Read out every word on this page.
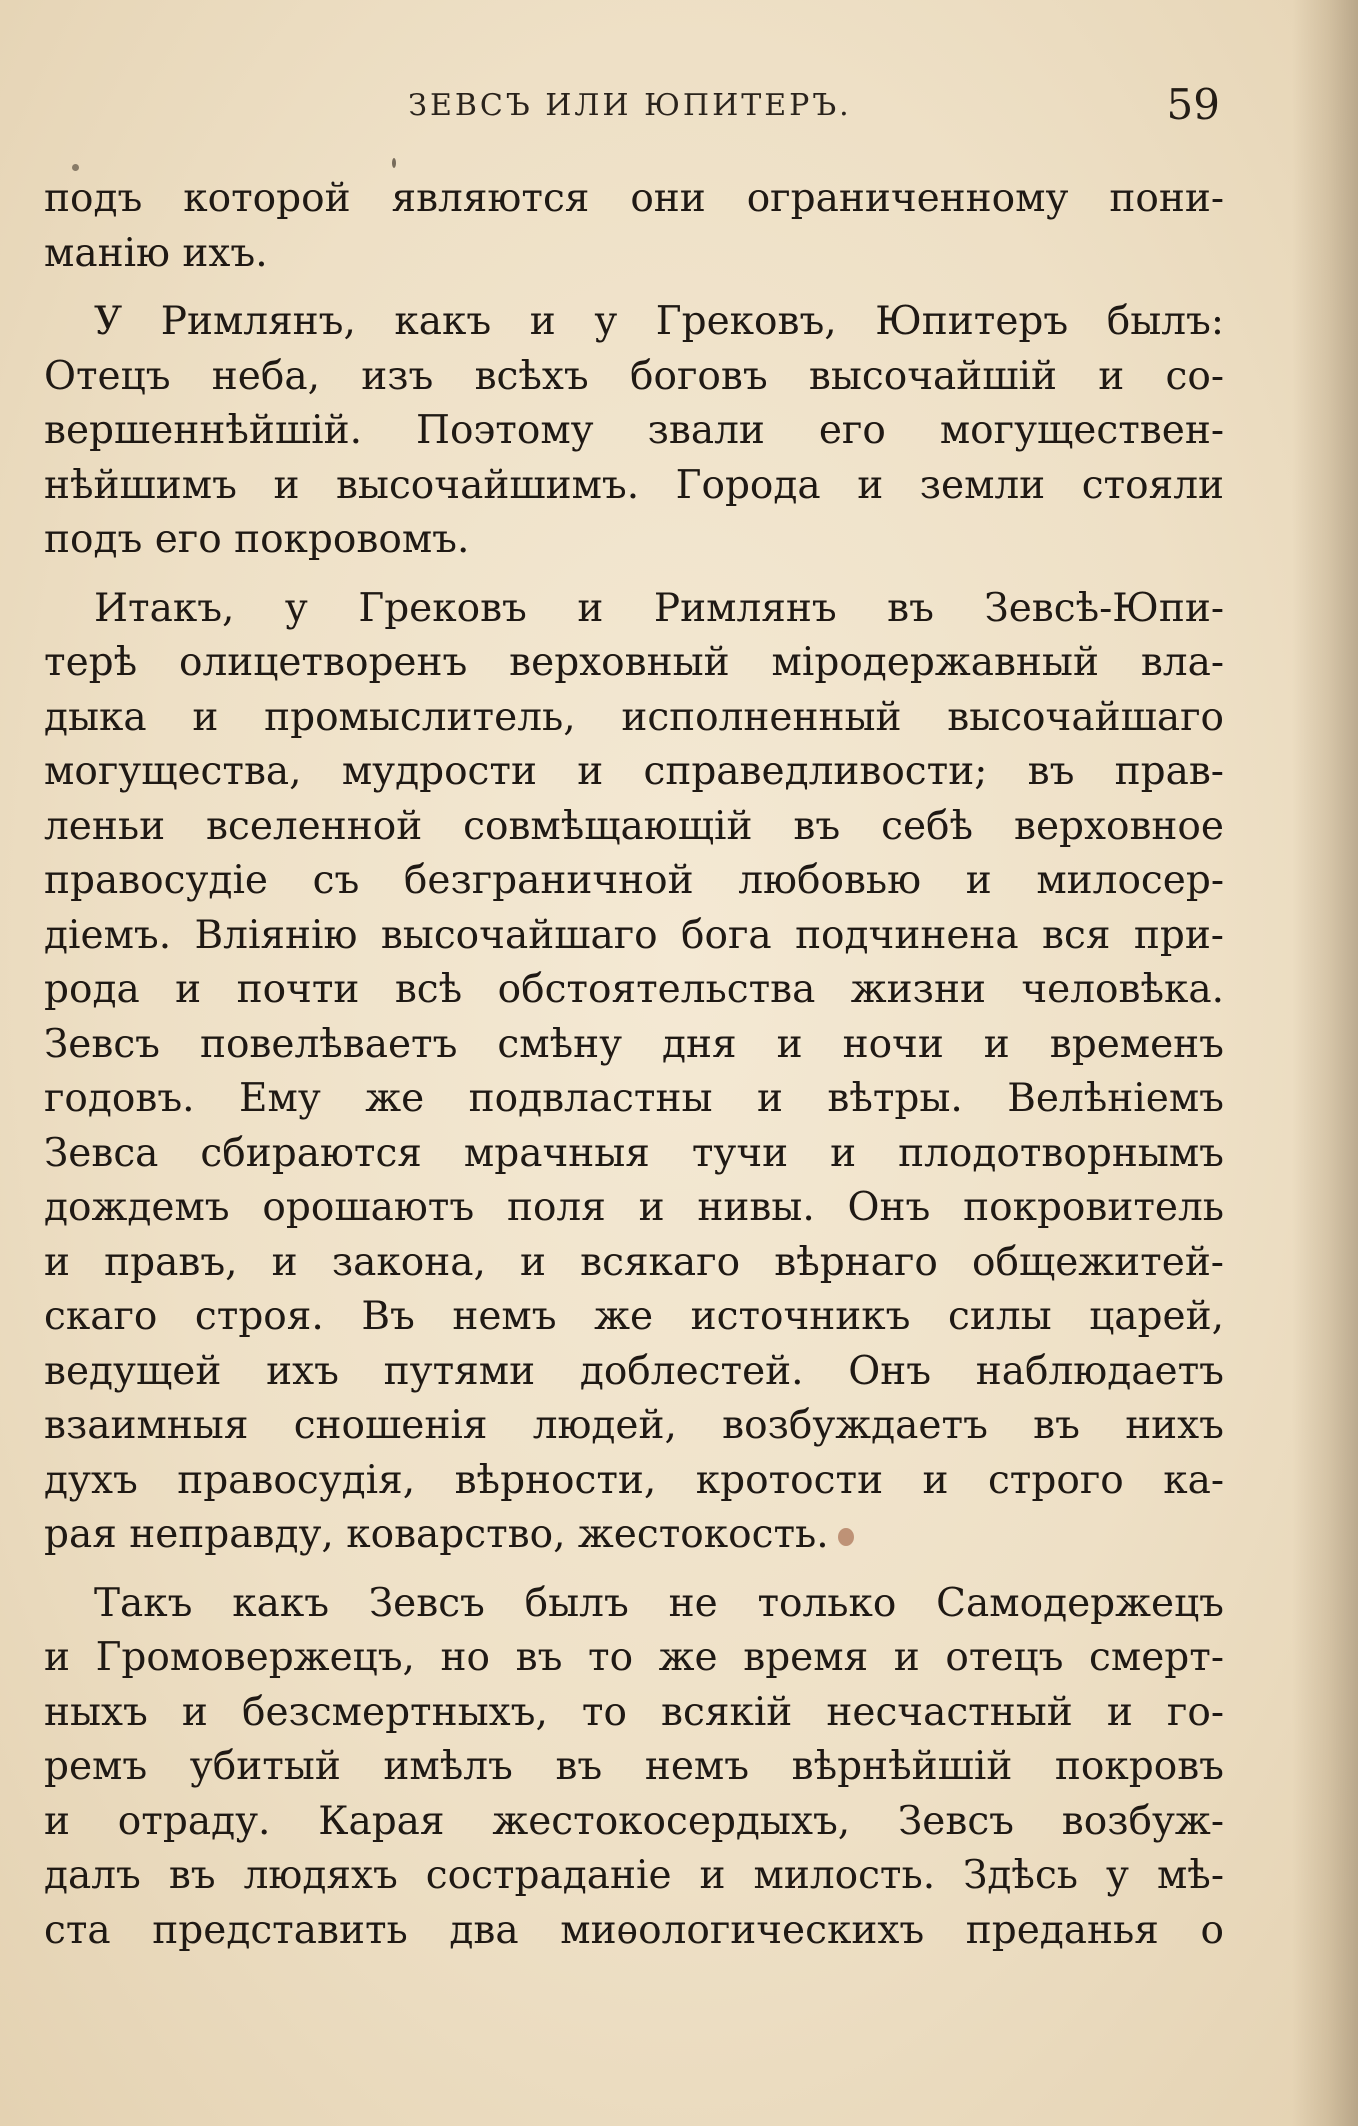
ЗЕВСЪ ИЛИ ЮПИТЕРЪ.	59
подъ которой являются они ограниченному пони-
манію ихъ.
У Римлянъ, какъ и у Грековъ, Юпитеръ былъ:
Отецъ неба, изъ всѣхъ боговъ высочайшій и со-
вершеннѣйшій. Поэтому звали его могуществен-
нѣйшимъ и высочайшимъ. Города и земли стояли
подъ его покровомъ.
Итакъ, у Грековъ и Римлянъ въ Зевсѣ-Юпи-
терѣ олицетворенъ верховный міродержавный вла-
дыка и промыслитель, исполненный высочайшаго
могущества, мудрости и справедливости; въ прав-
леньи вселенной совмѣщающій въ себѣ верховное
правосудіе съ безграничной любовью и милосер-
діемъ. Вліянію высочайшаго бога подчинена вся при-
рода и почти всѣ обстоятельства жизни человѣка.
Зевсъ повелѣваетъ смѣну дня и ночи и временъ
годовъ. Ему же подвластны и вѣтры. Велѣніемъ
Зевса сбираются мрачныя тучи и плодотворнымъ
дождемъ орошаютъ поля и нивы. Онъ покровитель
и правъ, и закона, и всякаго вѣрнаго общежитей-
скаго строя. Въ немъ же источникъ силы царей,
ведущей ихъ путями доблестей. Онъ наблюдаетъ
взаимныя сношенія людей, возбуждаетъ въ нихъ
духъ правосудія, вѣрности, кротости и строго ка-
рая неправду, коварство, жестокость.
Такъ какъ Зевсъ былъ не только Самодержецъ
и Громовержецъ, но въ то же время и отецъ смерт-
ныхъ и безсмертныхъ, то всякій несчастный и го-
ремъ убитый имѣлъ въ немъ вѣрнѣйшій покровъ
и отраду. Карая жестокосердыхъ, Зевсъ возбуж-
далъ въ людяхъ состраданіе и милость. Здѣсь у мѣ-
ста представить два миѳологическихъ преданья о
